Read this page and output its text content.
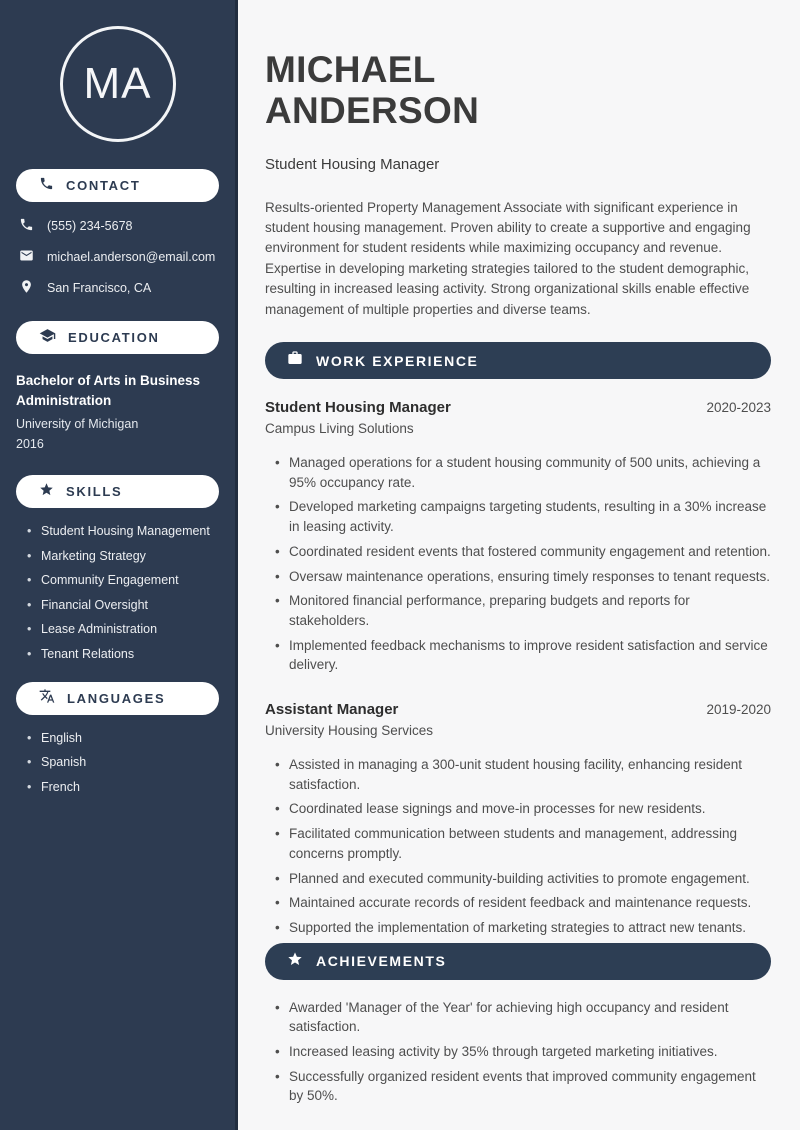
MA
CONTACT
(555) 234-5678
michael.anderson@email.com
San Francisco, CA
EDUCATION
Bachelor of Arts in Business Administration
University of Michigan
2016
SKILLS
• Student Housing Management
• Marketing Strategy
• Community Engagement
• Financial Oversight
• Lease Administration
• Tenant Relations
LANGUAGES
• English
• Spanish
• French
MICHAEL
ANDERSON
Student Housing Manager

Results-oriented Property Management Associate with significant experience in student housing management. Proven ability to create a supportive and engaging environment for student residents while maximizing occupancy and revenue. Expertise in developing marketing strategies tailored to the student demographic, resulting in increased leasing activity. Strong organizational skills enable effective management of multiple properties and diverse teams.

WORK EXPERIENCE
Student Housing Manager	2020-2023
Campus Living Solutions
• Managed operations for a student housing community of 500 units, achieving a 95% occupancy rate.
• Developed marketing campaigns targeting students, resulting in a 30% increase in leasing activity.
• Coordinated resident events that fostered community engagement and retention.
• Oversaw maintenance operations, ensuring timely responses to tenant requests.
• Monitored financial performance, preparing budgets and reports for stakeholders.
• Implemented feedback mechanisms to improve resident satisfaction and service delivery.
Assistant Manager	2019-2020
University Housing Services
• Assisted in managing a 300-unit student housing facility, enhancing resident satisfaction.
• Coordinated lease signings and move-in processes for new residents.
• Facilitated communication between students and management, addressing concerns promptly.
• Planned and executed community-building activities to promote engagement.
• Maintained accurate records of resident feedback and maintenance requests.
• Supported the implementation of marketing strategies to attract new tenants.
ACHIEVEMENTS
• Awarded 'Manager of the Year' for achieving high occupancy and resident satisfaction.
• Increased leasing activity by 35% through targeted marketing initiatives.
• Successfully organized resident events that improved community engagement by 50%.
